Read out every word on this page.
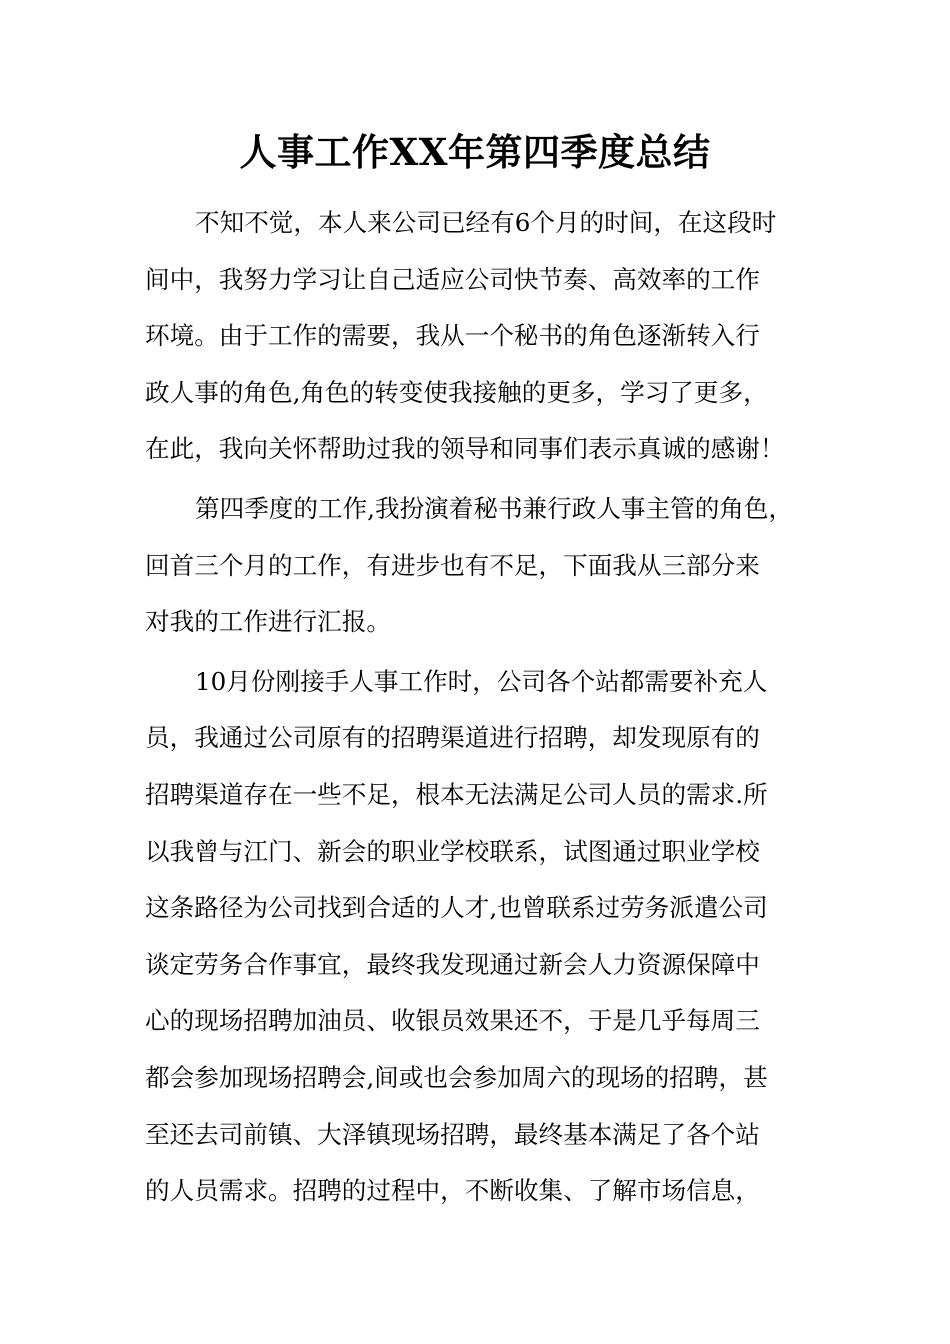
人事工作XX年第四季度总结

不知不觉，本人来公司已经有6个月的时间，在这段时
间中，我努力学习让自己适应公司快节奏、高效率的工作
环境。由于工作的需要，我从一个秘书的角色逐渐转入行
政人事的角色,角色的转变使我接触的更多，学习了更多，
在此，我向关怀帮助过我的领导和同事们表示真诚的感谢！

第四季度的工作,我扮演着秘书兼行政人事主管的角色，
回首三个月的工作，有进步也有不足，下面我从三部分来
对我的工作进行汇报。

10月份刚接手人事工作时，公司各个站都需要补充人
员，我通过公司原有的招聘渠道进行招聘，却发现原有的
招聘渠道存在一些不足，根本无法满足公司人员的需求.所
以我曾与江门、新会的职业学校联系，试图通过职业学校
这条路径为公司找到合适的人才,也曾联系过劳务派遣公司
谈定劳务合作事宜，最终我发现通过新会人力资源保障中
心的现场招聘加油员、收银员效果还不，于是几乎每周三
都会参加现场招聘会,间或也会参加周六的现场的招聘，甚
至还去司前镇、大泽镇现场招聘，最终基本满足了各个站
的人员需求。招聘的过程中，不断收集、了解市场信息，
